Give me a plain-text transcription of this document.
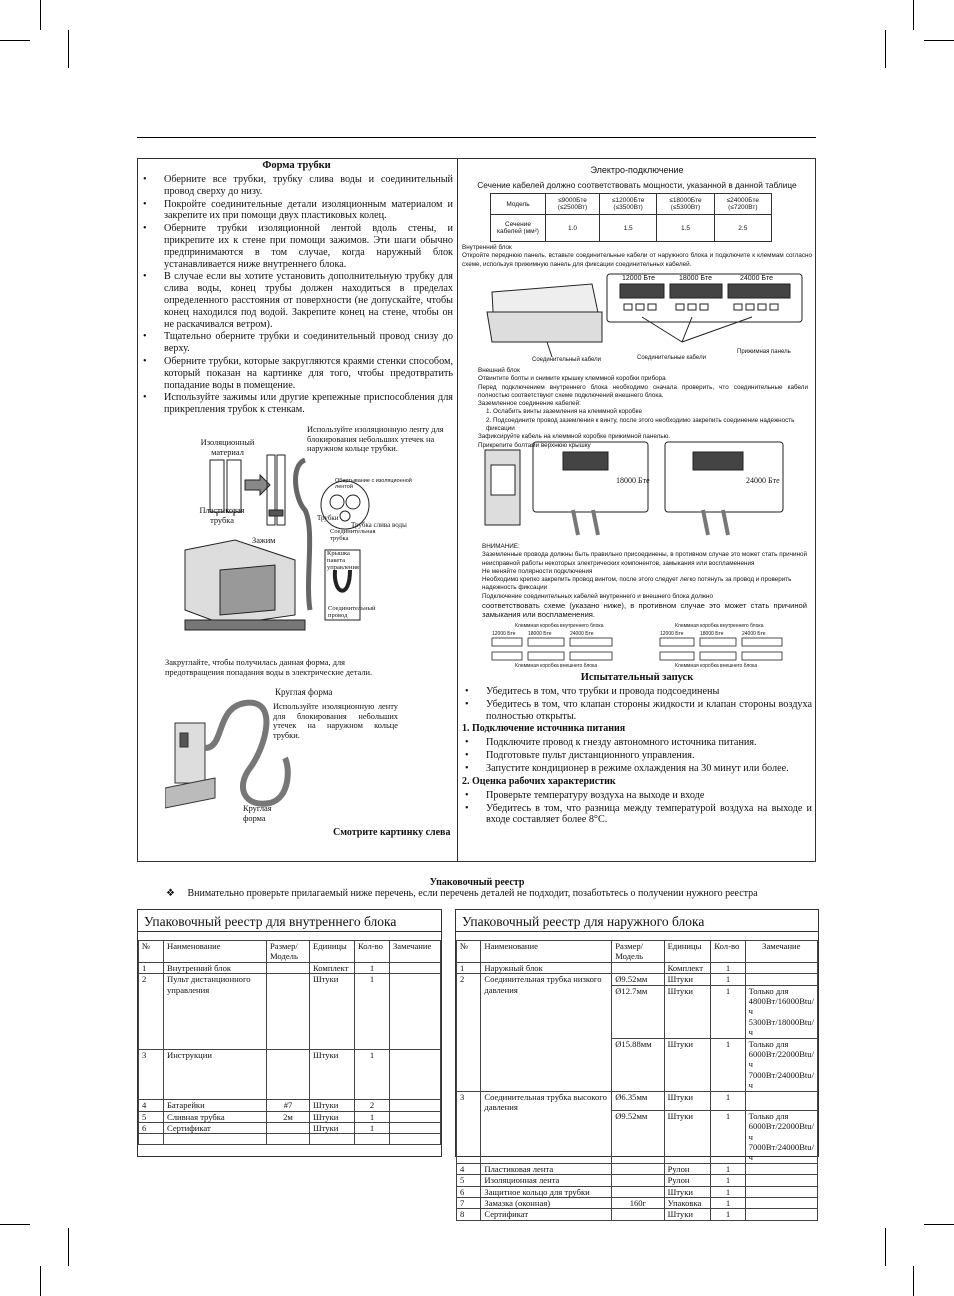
Форма трубки
• Оберните все трубки, трубку слива воды и соединительный провод сверху до низу.
• Покройте соединительные детали изоляционным материалом и закрепите их при помощи двух пластиковых колец.
• Оберните трубки изоляционной лентой вдоль стены, и прикрепите их к стене при помощи зажимов. Эти шаги обычно предпринимаются в том случае, когда наружный блок устанавливается ниже внутреннего блока.
• В случае если вы хотите установить дополнительную трубку для слива воды, конец трубы должен находиться в пределах определенного расстояния от поверхности (не допускайте, чтобы конец находился под водой. Закрепите конец на стене, чтобы он не раскачивался ветром).
• Тщательно оберните трубки и соединительный провод снизу до верху.
• Оберните трубки, которые закругляются краями стенки способом, который показан на картинке для того, чтобы предотвратить попадание воды в помещение.
• Используйте зажимы или другие крепежные приспособления для прикрепления трубок к стенкам.
Используйте изоляционную ленту для блокирования небольших утечек на наружном кольце трубки.
Изоляционный материал
Пластиковая трубка
Зажим
Обертывание с изоляционной лентой
Трубки
Трубка слива воды
Соединительная трубка
Крышка пакета управления
Соединительный провод
Закруглайте, чтобы получилась данная форма, для предотвращения попадания воды в электрические детали.
Круглая форма
Используйте изоляционную ленту для блокирования небольших утечек на наружном кольце трубки.
Круглая форма
Смотрите картинку слева
Электро-подключение
Сечение кабелей должно соответствовать мощности, указанной в данной таблице
Модель	≤9000Бте (≤2500Вт)	≤12000Бте (≤3500Вт)	≤18000Бте (≤5300Вт)	≤24000Бте (≤7200Вт)
Сечение кабелей (мм²)	1.0	1.5	1.5	2.5
Внутренний блок
Откройте переднюю панель, вставьте соединительные кабели от наружного блока и подключите к клеммам согласно схеме, используя прижимную панель для фиксации соединительных кабелей.
12000 Бте	18000 Бте	24000 Бте
Соединительный кабели	Соединительные кабели
Прижимная панель
Внешний блок
Отвинтите болты и снимите крышку клеммной коробки прибора
Перед подключением внутреннего блока необходимо сначала проверить, что соединительные кабели полностью соответствуют схеме подключений внешнего блока.
Заземленное соединение кабелей:
1. Ослабить винты заземления на клеммной коробке
2. Подсоедините провод заземления к винту, после этого необходимо закрепить соединение надежность фиксации
Зафиксируйте кабель на клеммной коробке прижимной панелью.
Прикрепите болтами верхнюю крышку
18000 Бте	24000 Бте
ВНИМАНИЕ:
Заземленные провода должны быть правильно присоединены, в противном случае это может стать причиной неисправной работы некоторых электрических компонентов, замыкания или воспламенения
Не меняйте полярности подключения
Необходимо крепко закрепить провод винтом, после этого следует легко потянуть за провод и проверить надежность фиксации
Подключение соединительных кабелей внутреннего и внешнего блока должно
соответствовать схеме (указано ниже), в противном случае это может стать причиной замыкания или воспламенения.
Клеммная коробка внутреннего блока
12000 Бте 18000 Бте	24000 Бте
Клеммная коробка внешнего блока
Клеммная коробка внутреннего блока
12000 Бте	18000 Бте	24000 Бте
Клеммная коробка внешнего блока
Испытательный запуск
• Убедитесь в том, что трубки и провода подсоединены
• Убедитесь в том, что клапан стороны жидкости и клапан стороны воздуха полностью открыты.
1. Подключение источника питания
• Подключите провод к гнезду автономного источника питания.
• Подготовьте пульт дистанционного управления.
• Запустите кондиционер в режиме охлаждения на 30 минут или более.
2. Оценка рабочих характеристик
• Проверьте температуру воздуха на выходе и входе
• Убедитесь в том, что разница между температурой воздуха на выходе и входе составляет более 8°С.
Упаковочный реестр
❖ Внимательно проверьте прилагаемый ниже перечень, если перечень деталей не подходит, позаботьтесь о получении нужного реестра
Упаковочный реестр для внутреннего блока
№	Наименование	Размер/ Модель	Единицы	Кол-во	Замечание
1	Внутренний блок		Комплект	1	
2	Пульт дистанционного управления		Штуки	1	
3	Инструкции		Штуки	1	
4	Батарейки	#7	Штуки	2	
5	Сливная трубка	2м	Штуки	1	
6	Сертификат		Штуки	1	

Упаковочный реестр для наружного блока
№	Наименование	Размер/ Модель	Единицы	Кол-во	Замечание
1	Наружный блок		Комплект	1	
2	Соединительная трубка низкого давления	Ø9.52мм	Штуки	1	
		Ø12.7мм	Штуки	1	Только для 4800Вт/16000Btu/ч 5300Вт/18000Btu/ч
		Ø15.88мм	Штуки	1	Только для 6000Вт/22000Btu/ч 7000Вт/24000Btu/ч
3	Соединительная трубка высокого давления	Ø6.35мм	Штуки	1	
		Ø9.52мм	Штуки	1	Только для 6000Вт/22000Btu/ч 7000Вт/24000Btu/ч
4	Пластиковая лента		Рулон	1	
5	Изоляционная лента		Рулон	1	
6	Защитное кольцо для трубки		Штуки	1	
7	Замазка (оконная)	160г	Упаковка	1	
8	Сертификат		Штуки	1	
